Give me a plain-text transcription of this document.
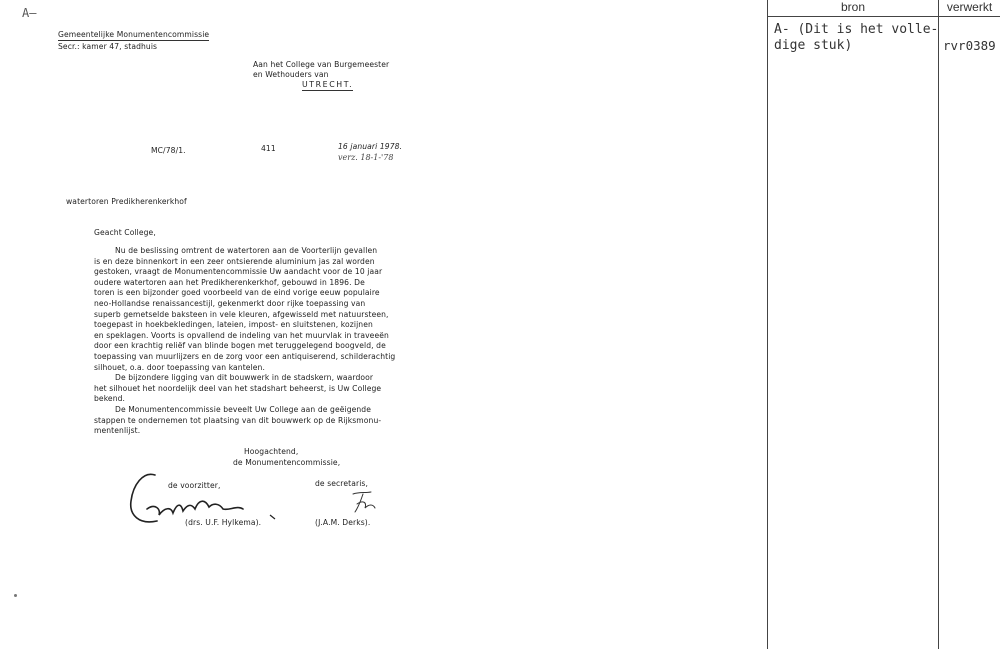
A–
Gemeentelijke Monumentencommissie
Secr.: kamer 47, stadhuis
Aan het College van Burgemeester
en Wethouders van
UTRECHT.
MC/78/1.	411	16 januari 1978.
verz. 18-1-'78
watertoren Predikherenkerkhof
Geacht College,
Nu de beslissing omtrent de watertoren aan de Voorterlijn gevallen
is en deze binnenkort in een zeer ontsierende aluminium jas zal worden
gestoken, vraagt de Monumentencommissie Uw aandacht voor de 10 jaar
oudere watertoren aan het Predikherenkerkhof, gebouwd in 1896. De
toren is een bijzonder goed voorbeeld van de eind vorige eeuw populaire
neo-Hollandse renaissancestijl, gekenmerkt door rijke toepassing van
superb gemetselde baksteen in vele kleuren, afgewisseld met natuursteen,
toegepast in hoekbekledingen, lateien, impost- en sluitstenen, kozijnen
en speklagen. Voorts is opvallend de indeling van het muurvlak in traveeën
door een krachtig reliëf van blinde bogen met teruggelegend boogveld, de
toepassing van muurlijzers en de zorg voor een antiquiserend, schilderachtig
silhouet, o.a. door toepassing van kantelen.
De bijzondere ligging van dit bouwwerk in de stadskern, waardoor
het silhouet het noordelijk deel van het stadshart beheerst, is Uw College
bekend.
De Monumentencommissie beveelt Uw College aan de geëigende
stappen te ondernemen tot plaatsing van dit bouwwerk op de Rijksmonu-
mentenlijst.
Hoogachtend,
de Monumentencommissie,
de voorzitter,	de secretaris,
(drs. U.F. Hylkema).	(J.A.M. Derks).
bron	verwerkt
A- (Dit is het volle-
dige stuk)	rvr0389
